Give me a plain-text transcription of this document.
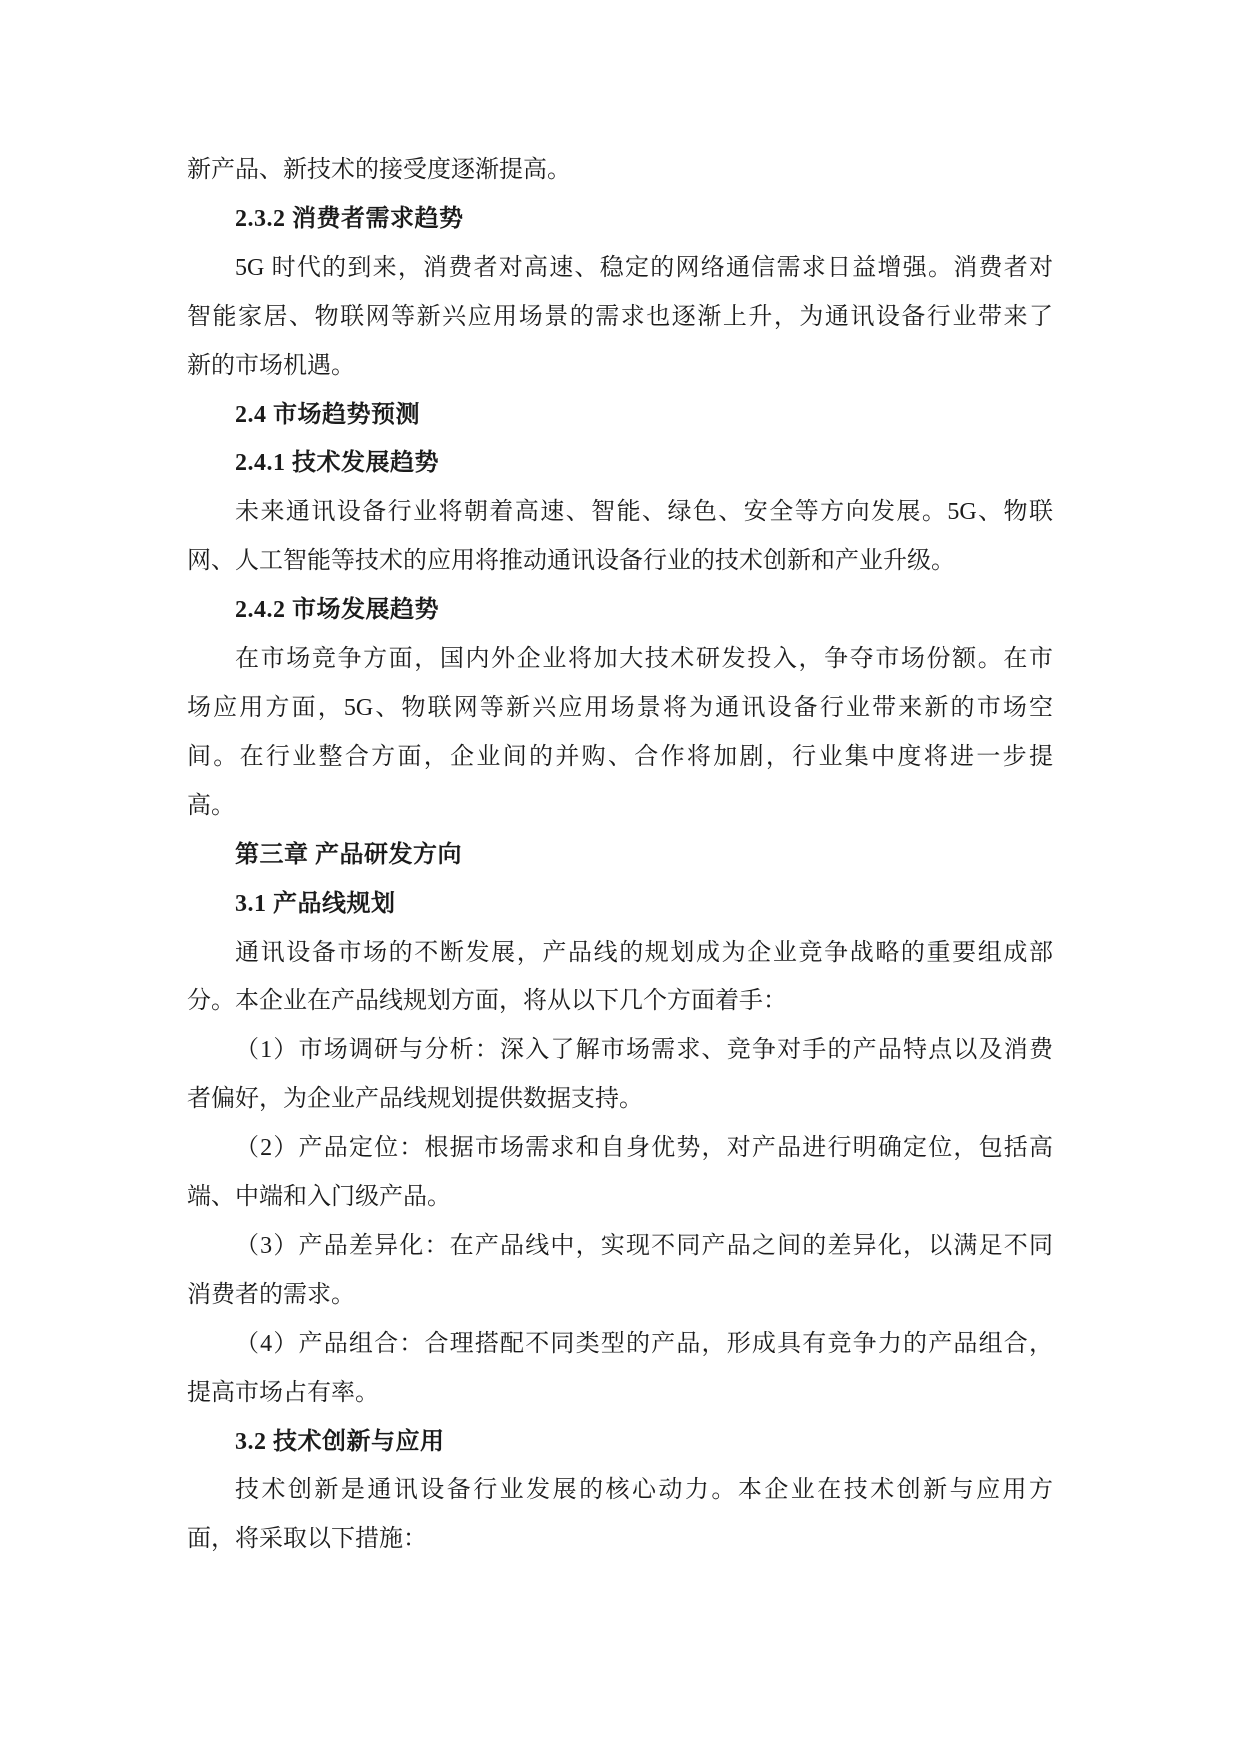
新产品、新技术的接受度逐渐提高。
2.3.2 消费者需求趋势
5G 时代的到来，消费者对高速、稳定的网络通信需求日益增强。消费者对
智能家居、物联网等新兴应用场景的需求也逐渐上升，为通讯设备行业带来了
新的市场机遇。
2.4 市场趋势预测
2.4.1 技术发展趋势
未来通讯设备行业将朝着高速、智能、绿色、安全等方向发展。5G、物联
网、人工智能等技术的应用将推动通讯设备行业的技术创新和产业升级。
2.4.2 市场发展趋势
在市场竞争方面，国内外企业将加大技术研发投入，争夺市场份额。在市
场应用方面，5G、物联网等新兴应用场景将为通讯设备行业带来新的市场空
间。在行业整合方面，企业间的并购、合作将加剧，行业集中度将进一步提
高。
第三章 产品研发方向
3.1 产品线规划
通讯设备市场的不断发展，产品线的规划成为企业竞争战略的重要组成部
分。本企业在产品线规划方面，将从以下几个方面着手：
（1）市场调研与分析：深入了解市场需求、竞争对手的产品特点以及消费
者偏好，为企业产品线规划提供数据支持。
（2）产品定位：根据市场需求和自身优势，对产品进行明确定位，包括高
端、中端和入门级产品。
（3）产品差异化：在产品线中，实现不同产品之间的差异化，以满足不同
消费者的需求。
（4）产品组合：合理搭配不同类型的产品，形成具有竞争力的产品组合，
提高市场占有率。
3.2 技术创新与应用
技术创新是通讯设备行业发展的核心动力。本企业在技术创新与应用方
面，将采取以下措施：
